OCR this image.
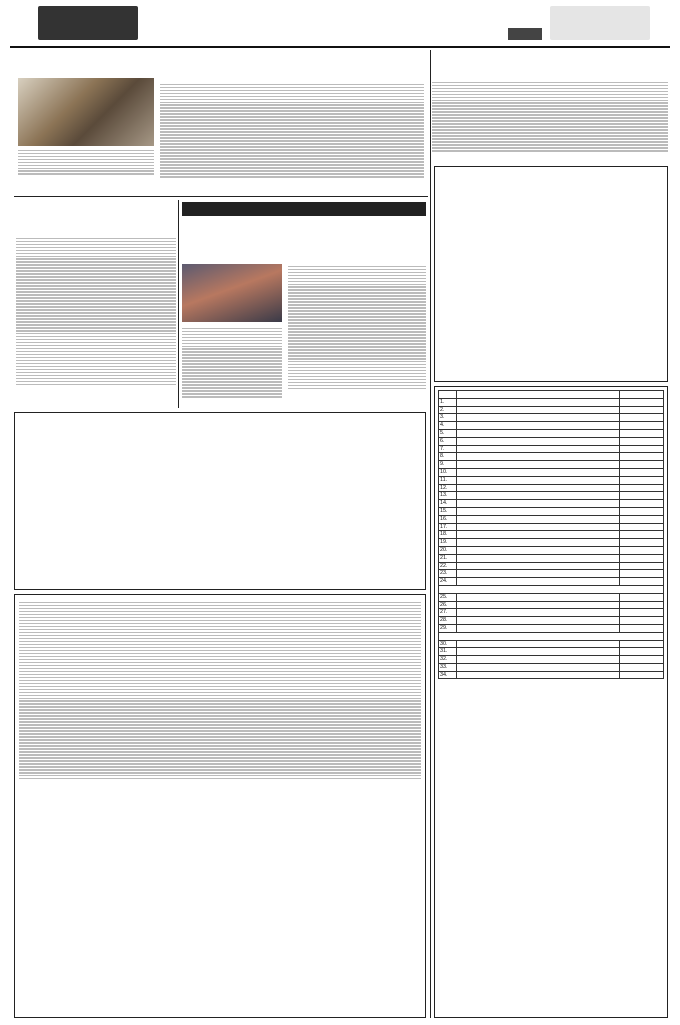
1.		
2.		
3.		
4.		
5.		
6.		
7.		
8.		
9.		
10.		
11.		
12.		
13.		
14.		
15.		
16.		
17.		
18.		
19.		
20.		
21.		
22.		
23.		
24.		

25.		
26.		
27.		
28.		
29.		

30.		
31.		
32.		
33.		
34.		
